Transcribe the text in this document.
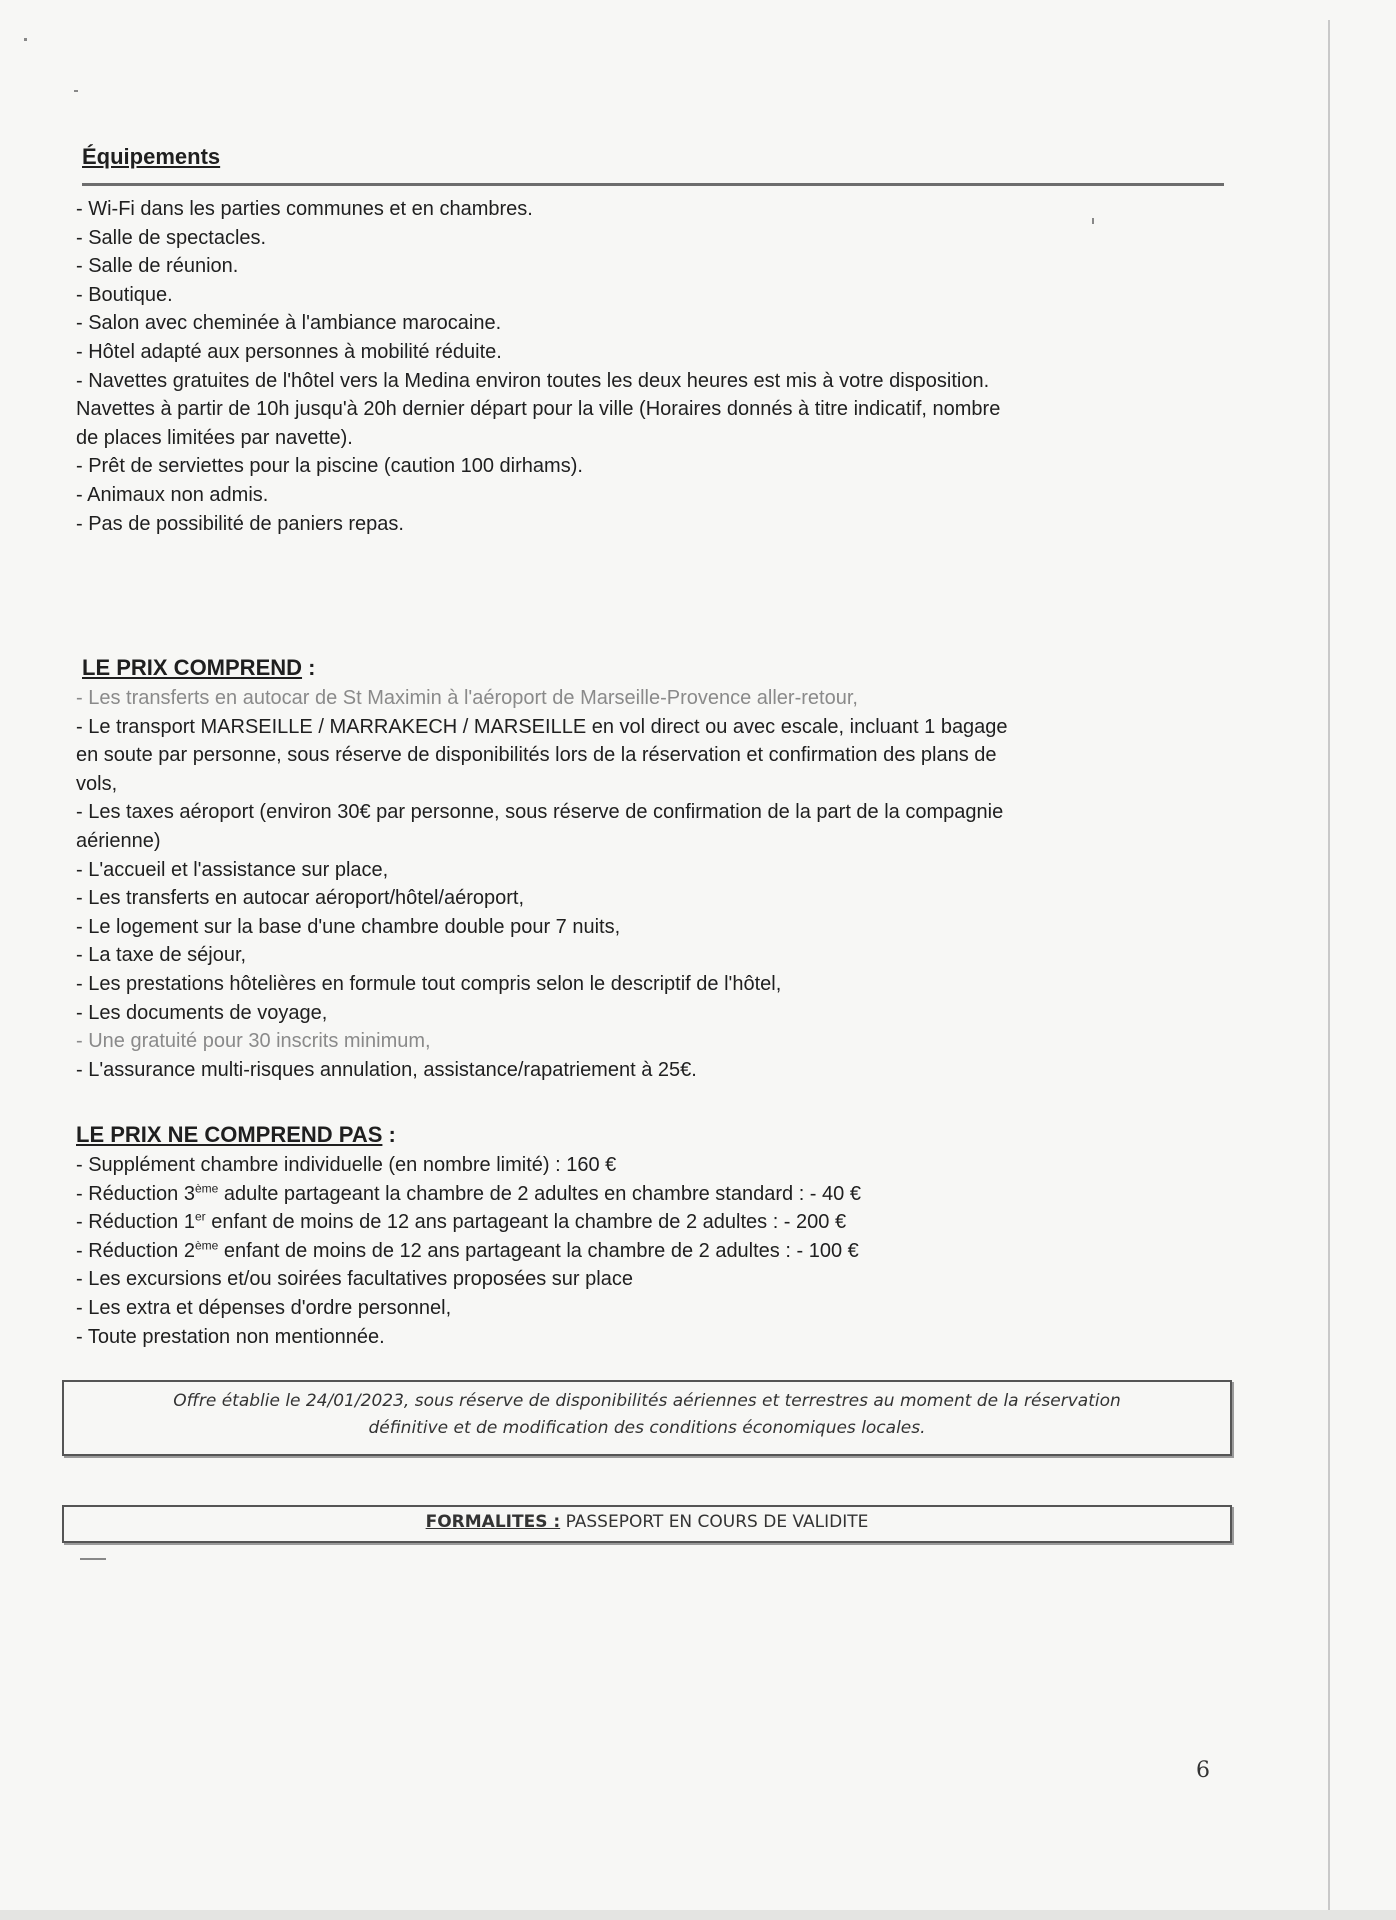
Équipements
- Wi-Fi dans les parties communes et en chambres.
- Salle de spectacles.
- Salle de réunion.
- Boutique.
- Salon avec cheminée à l'ambiance marocaine.
- Hôtel adapté aux personnes à mobilité réduite.
- Navettes gratuites de l'hôtel vers la Medina environ toutes les deux heures est mis à votre disposition.
Navettes à partir de 10h jusqu'à 20h dernier départ pour la ville (Horaires donnés à titre indicatif, nombre
de places limitées par navette).
- Prêt de serviettes pour la piscine (caution 100 dirhams).
- Animaux non admis.
- Pas de possibilité de paniers repas.
LE PRIX COMPREND :
- Les transferts en autocar de St Maximin à l'aéroport de Marseille-Provence aller-retour,
- Le transport MARSEILLE / MARRAKECH / MARSEILLE en vol direct ou avec escale, incluant 1 bagage
en soute par personne, sous réserve de disponibilités lors de la réservation et confirmation des plans de
vols,
- Les taxes aéroport (environ 30€ par personne, sous réserve de confirmation de la part de la compagnie
aérienne)
- L'accueil et l'assistance sur place,
- Les transferts en autocar aéroport/hôtel/aéroport,
- Le logement sur la base d'une chambre double pour 7 nuits,
- La taxe de séjour,
- Les prestations hôtelières en formule tout compris selon le descriptif de l'hôtel,
- Les documents de voyage,
- Une gratuité pour 30 inscrits minimum,
- L'assurance multi-risques annulation, assistance/rapatriement à 25€.
LE PRIX NE COMPREND PAS :
- Supplément chambre individuelle (en nombre limité) : 160 €
- Réduction 3ème adulte partageant la chambre de 2 adultes en chambre standard : - 40 €
- Réduction 1er enfant de moins de 12 ans partageant la chambre de 2 adultes : - 200 €
- Réduction 2ème enfant de moins de 12 ans partageant la chambre de 2 adultes : - 100 €
- Les excursions et/ou soirées facultatives proposées sur place
- Les extra et dépenses d'ordre personnel,
- Toute prestation non mentionnée.
Offre établie le 24/01/2023, sous réserve de disponibilités aériennes et terrestres au moment de la réservation
définitive et de modification des conditions économiques locales.
FORMALITES : PASSEPORT EN COURS DE VALIDITE
6
